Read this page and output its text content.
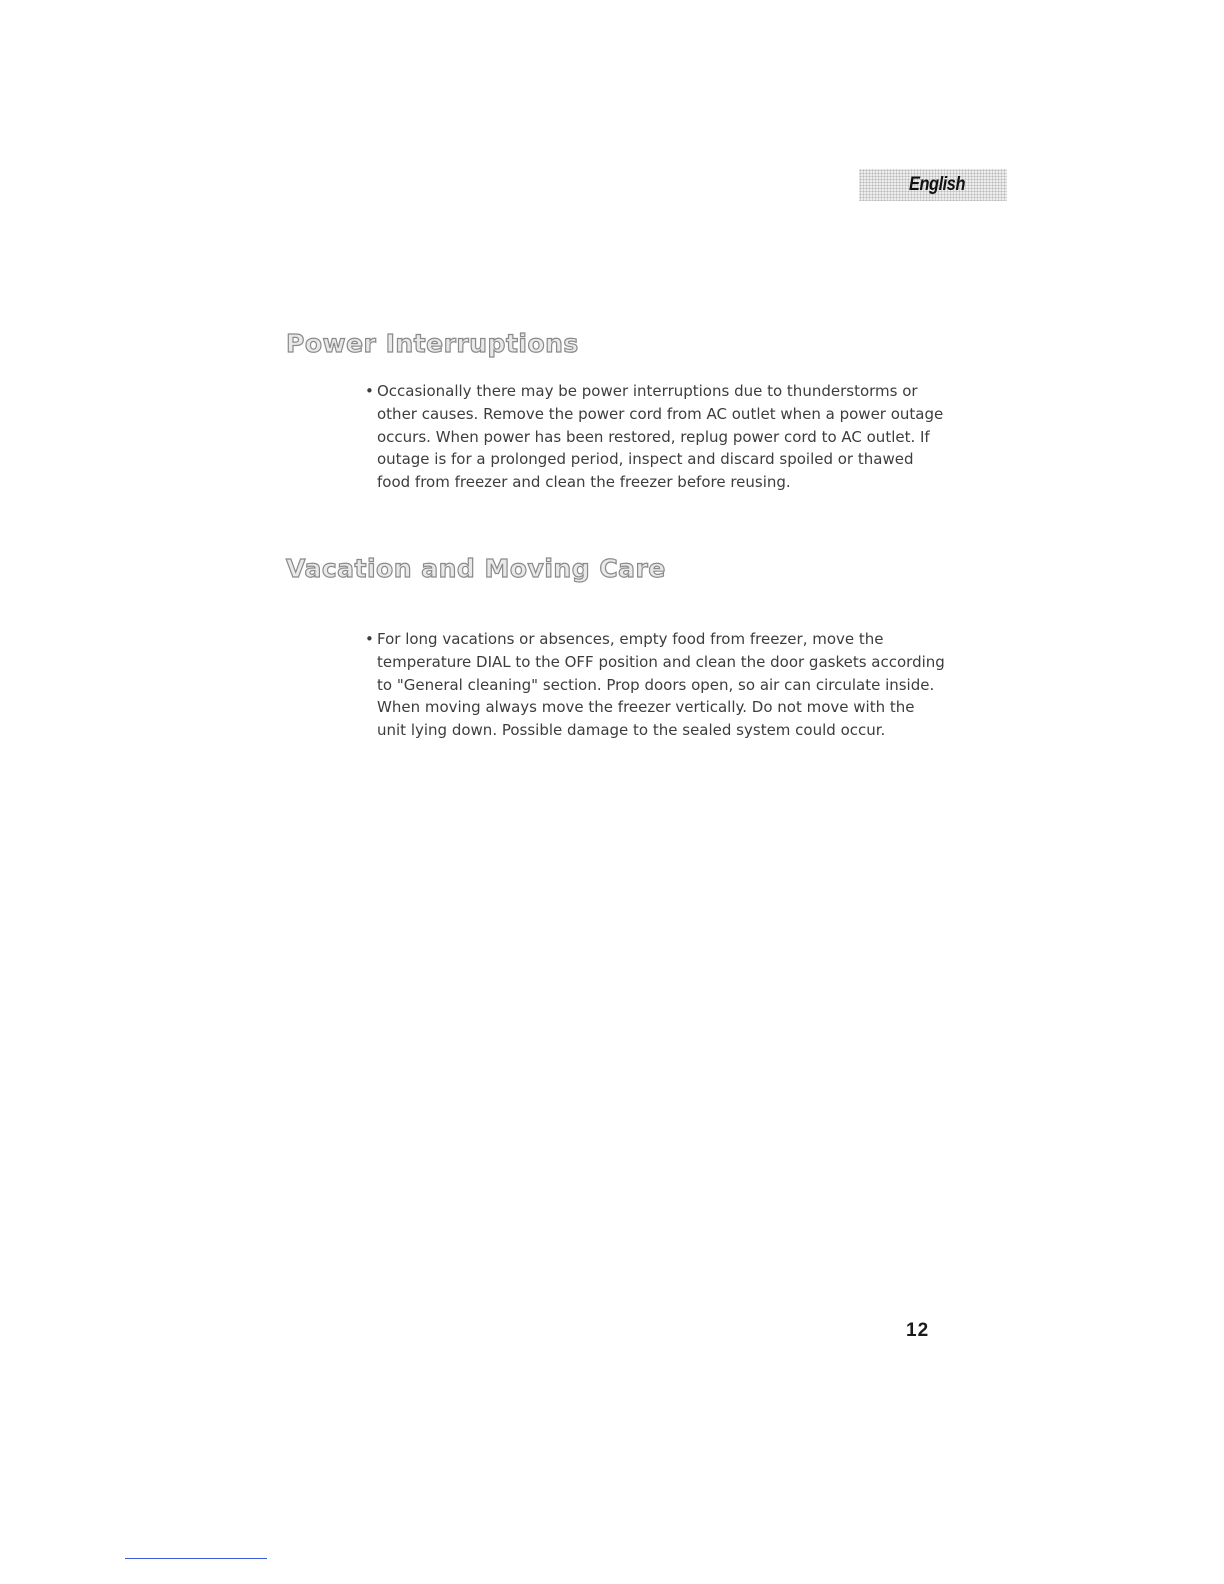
English
Power Interruptions
• Occasionally there may be power interruptions due to thunderstorms or other causes. Remove the power cord from AC outlet when a power outage occurs. When power has been restored, replug power cord to AC outlet. If outage is for a prolonged period, inspect and discard spoiled or thawed food from freezer and clean the freezer before reusing.
Vacation and Moving Care
• For long vacations or absences, empty food from freezer, move the temperature DIAL to the OFF position and clean the door gaskets according to "General cleaning" section. Prop doors open, so air can circulate inside. When moving always move the freezer vertically. Do not move with the unit lying down. Possible damage to the sealed system could occur.
12
